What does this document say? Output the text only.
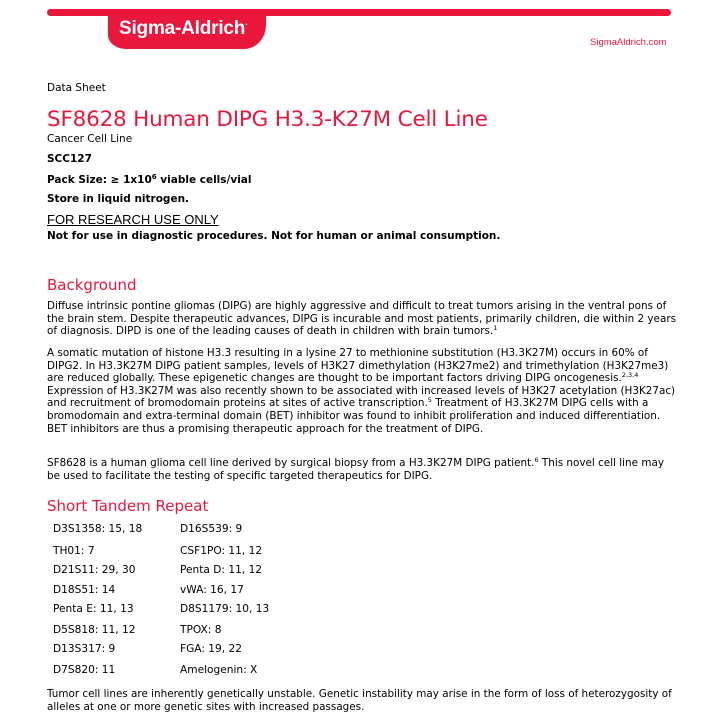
Sigma-Aldrich.
SigmaAldrich.com
Data Sheet
SF8628 Human DIPG H3.3-K27M Cell Line
Cancer Cell Line
SCC127
Pack Size: ≥ $1x10^6$ viable cells/vial
Store in liquid nitrogen.
FOR RESEARCH USE ONLY
Not for use in diagnostic procedures. Not for human or animal consumption.
Background
Diffuse intrinsic pontine gliomas (DIPG) are highly aggressive and difficult to treat tumors arising in the ventral pons of the brain stem. Despite therapeutic advances, DIPG is incurable and most patients, primarily children, die within 2 years of diagnosis. DIPD is one of the leading causes of death in children with brain tumors.$^1$
A somatic mutation of histone H3.3 resulting in a lysine 27 to methionine substitution (H3.3K27M) occurs in 60% of DIPG2. In H3.3K27M DIPG patient samples, levels of H3K27 dimethylation (H3K27me2) and trimethylation (H3K27me3) are reduced globally. These epigenetic changes are thought to be important factors driving DIPG oncogenesis.$^{2,3,4}$ Expression of H3.3K27M was also recently shown to be associated with increased levels of H3K27 acetylation (H3K27ac) and recruitment of bromodomain proteins at sites of active transcription.$^5$ Treatment of H3.3K27M DIPG cells with a bromodomain and extra-terminal domain (BET) inhibitor was found to inhibit proliferation and induced differentiation. BET inhibitors are thus a promising therapeutic approach for the treatment of DIPG.
SF8628 is a human glioma cell line derived by surgical biopsy from a H3.3K27M DIPG patient.$^6$ This novel cell line may be used to facilitate the testing of specific targeted therapeutics for DIPG.
Short Tandem Repeat
D3S1358: 15, 18
TH01: 7
D21S11: 29, 30
D18S51: 14
Penta E: 11, 13
D5S818: 11, 12
D13S317: 9
D7S820: 11
D16S539: 9
CSF1PO: 11, 12
Penta D: 11, 12
vWA: 16, 17
D8S1179: 10, 13
TPOX: 8
FGA: 19, 22
Amelogenin: X
Tumor cell lines are inherently genetically unstable. Genetic instability may arise in the form of loss of heterozygosity of alleles at one or more genetic sites with increased passages.
